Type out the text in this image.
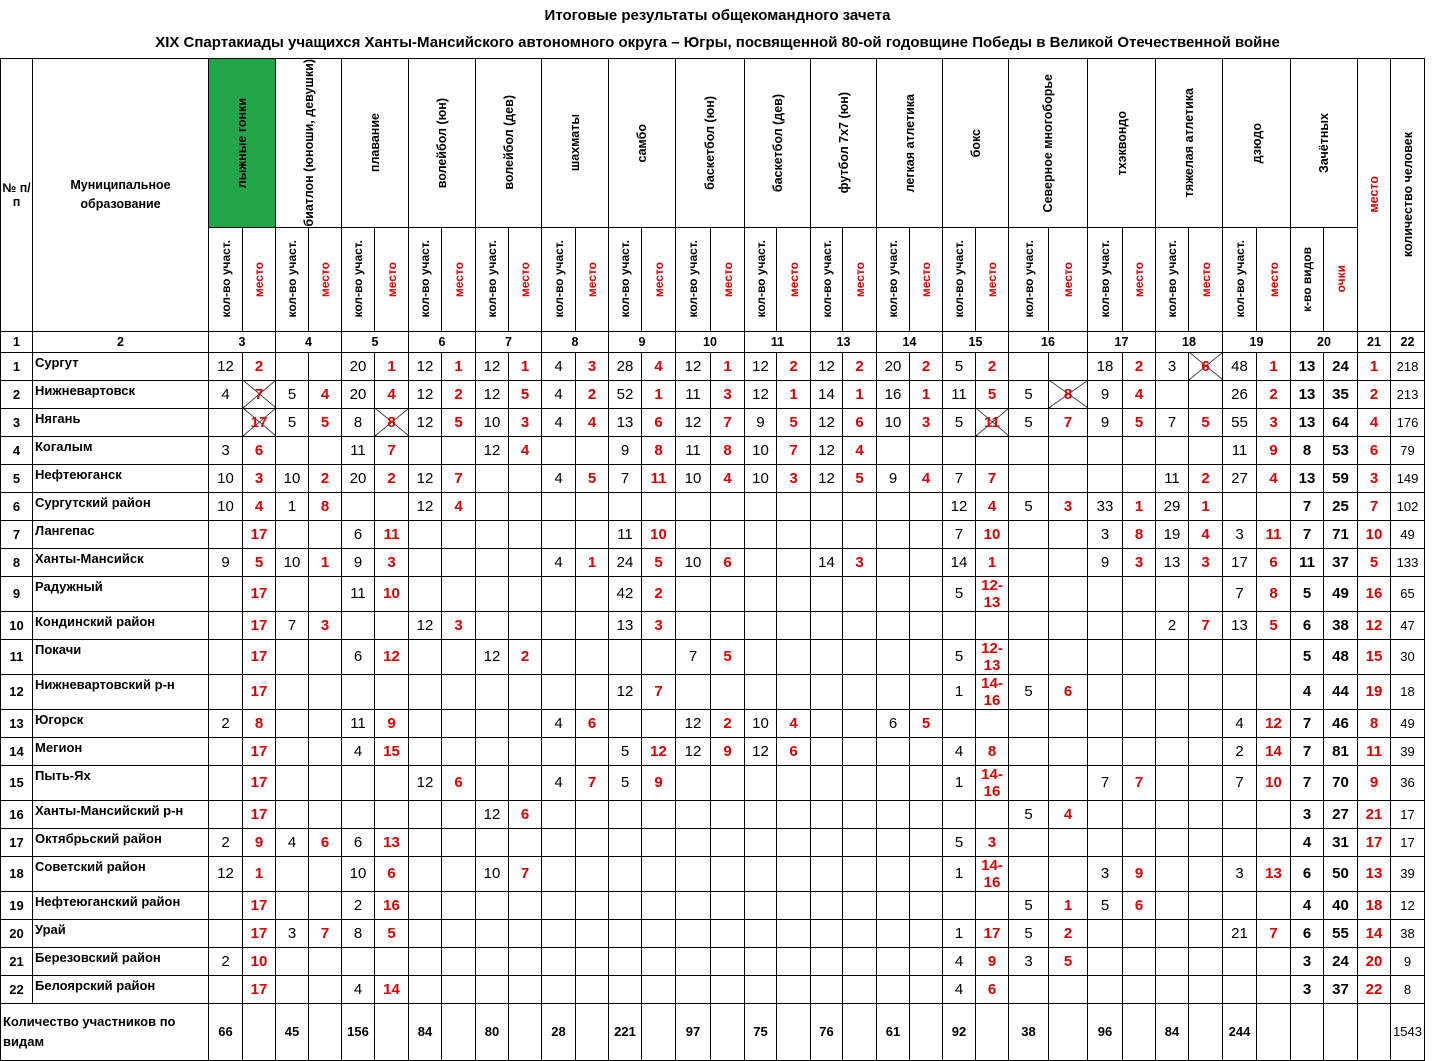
Итоговые результаты общекомандного зачета
XIX Спартакиады учащихся Ханты-Мансийского автономного округа – Югры, посвященной 80-ой годовщине Победы в Великой Отечественной войне
№ п/п	Муниципальное образование	лыжные гонки		биатлон (юноши, девушки)		плавание		волейбол (юн)		волейбол (дев)		шахматы		самбо		баскетбол (юн)		баскетбол (дев)		футбол 7х7 (юн)		легкая атлетика		бокс		Северное многоборье		тхэквондо		тяжелая атлетика		дзюдо		Зачётных		место	количество человек

		кол-во участ.	место	кол-во участ.	место	кол-во участ.	место	кол-во участ.	место	кол-во участ.	место	кол-во участ.	место	кол-во участ.	место	кол-во участ.	место	кол-во участ.	место	кол-во участ.	место	кол-во участ.	место	кол-во участ.	место	кол-во участ.	место	кол-во участ.	место	кол-во участ.	место	кол-во участ.	место	к-во видов	очки		

1	2	3		4		5		6		7		8		9		10		11		13		14		15		16		17		18		19		20		21	22
1	Сургут	12	2			20	1	12	1	12	1	4	3	28	4	12	1	12	2	12	2	20	2	5	2			18	2	3	6	48	1	13	24	1	218
2	Нижневартовск	4	7	5	4	20	4	12	2	12	5	4	2	52	1	11	3	12	1	14	1	16	1	11	5	5	8	9	4			26	2	13	35	2	213
3	Нягань		17	5	5	8	8	12	5	10	3	4	4	13	6	12	7	9	5	12	6	10	3	5	11	5	7	9	5	7	5	55	3	13	64	4	176
4	Когалым	3	6			11	7			12	4			9	8	11	8	10	7	12	4											11	9	8	53	6	79
5	Нефтеюганск	10	3	10	2	20	2	12	7			4	5	7	11	10	4	10	3	12	5	9	4	7	7					11	2	27	4	13	59	3	149
6	Сургутский район	10	4	1	8			12	4															12	4	5	3	33	1	29	1			7	25	7	102
7	Лангепас		17			6	11							11	10									7	10			3	8	19	4	3	11	7	71	10	49
8	Ханты-Мансийск	9	5	10	1	9	3					4	1	24	5	10	6			14	3			14	1			9	3	13	3	17	6	11	37	5	133
9	Радужный		17			11	10							42	2									5	12-13							7	8	5	49	16	65
10	Кондинский район		17	7	3			12	3					13	3															2	7	13	5	6	38	12	47
11	Покачи		17			6	12			12	2					7	5							5	12-13									5	48	15	30
12	Нижневартовский р-н		17											12	7									1	14-16	5	6							4	44	19	18
13	Югорск	2	8			11	9					4	6			12	2	10	4			6	5									4	12	7	46	8	49
14	Мегион		17			4	15							5	12	12	9	12	6					4	8							2	14	7	81	11	39
15	Пыть-Ях		17					12	6			4	7	5	9									1	14-16			7	7			7	10	7	70	9	36
16	Ханты-Мансийский р-н		17							12	6															5	4							3	27	21	17
17	Октябрьский район	2	9	4	6	6	13																	5	3									4	31	17	17
18	Советский район	12	1			10	6			10	7													1	14-16			3	9			3	13	6	50	13	39
19	Нефтеюганский район		17			2	16																			5	1	5	6					4	40	18	12
20	Урай		17	3	7	8	5																	1	17	5	2					21	7	6	55	14	38
21	Березовский район	2	10																					4	9	3	5							3	24	20	9
22	Белоярский район		17			4	14																	4	6									3	37	22	8
Количество участников по видам		66		45		156		84		80		28		221		97		75		76		61		92		38		96		84		244					1543
